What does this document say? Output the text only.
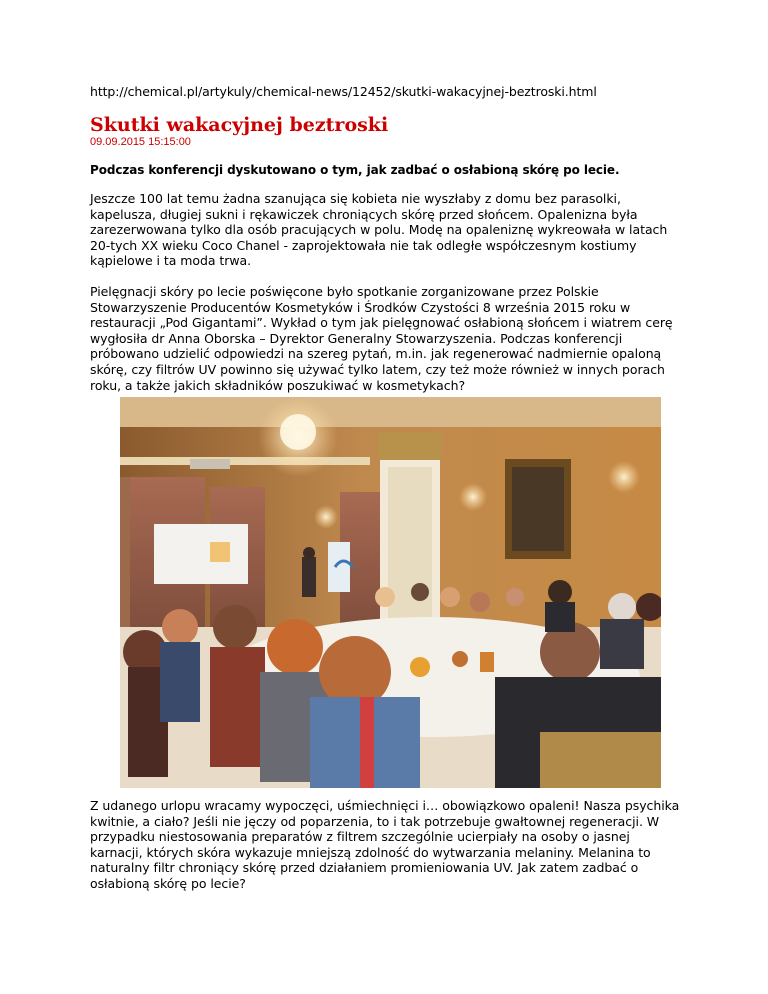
http://chemical.pl/artykuly/chemical-news/12452/skutki-wakacyjnej-beztroski.html
Skutki wakacyjnej beztroski
09.09.2015 15:15:00
Podczas konferencji dyskutowano o tym, jak zadbać o osłabioną skórę po lecie.
Jeszcze 100 lat temu żadna szanująca się kobieta nie wyszłaby z domu bez parasolki, kapelusza, długiej sukni i rękawiczek chroniących skórę przed słońcem. Opalenizna była zarezerwowana tylko dla osób pracujących w polu. Modę na opaleniznę wykreowała w latach 20-tych XX wieku Coco Chanel - zaprojektowała nie tak odległe współczesnym kostiumy kąpielowe i ta moda trwa.
Pielęgnacji skóry po lecie poświęcone było spotkanie zorganizowane przez Polskie Stowarzyszenie Producentów Kosmetyków i Środków Czystości 8 września 2015 roku w restauracji „Pod Gigantami”. Wykład o tym jak pielęgnować osłabioną słońcem i wiatrem cerę wygłosiła dr Anna Oborska – Dyrektor Generalny Stowarzyszenia. Podczas konferencji próbowano udzielić odpowiedzi na szereg pytań, m.in. jak regenerować nadmiernie opaloną skórę, czy filtrów UV powinno się używać tylko latem, czy też może również w innych porach roku, a także jakich składników poszukiwać w kosmetykach?
Z udanego urlopu wracamy wypoczęci, uśmiechnięci i… obowiązkowo opaleni! Nasza psychika kwitnie, a ciało? Jeśli nie jęczy od poparzenia, to i tak potrzebuje gwałtownej regeneracji. W przypadku niestosowania preparatów z filtrem szczególnie ucierpiały na osoby o jasnej karnacji, których skóra wykazuje mniejszą zdolność do wytwarzania melaniny. Melanina to naturalny filtr chroniący skórę przed działaniem promieniowania UV. Jak zatem zadbać o osłabioną skórę po lecie?
